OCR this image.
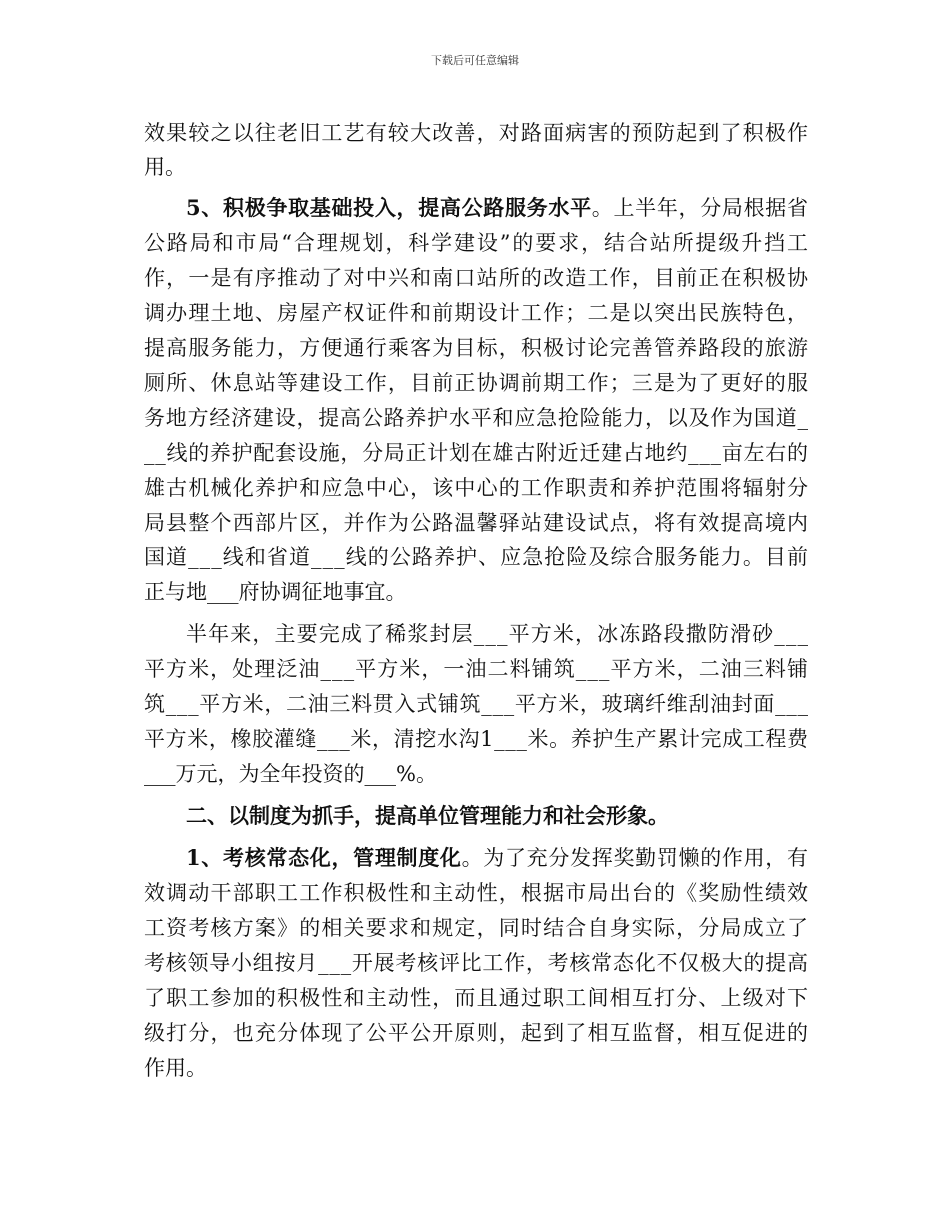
下载后可任意编辑
效果较之以往老旧工艺有较大改善，对路面病害的预防起到了积极作
用。
5、积极争取基础投入，提高公路服务水平 。上半年，分局根据省
公路局和市局“合理规划，科学建设”的要求，结合站所提级升挡工
作，一是有序推动了对中兴和南口站所的改造工作，目前正在积极协
调办理土地、房屋产权证件和前期设计工作；二是以突出民族特色，
提高服务能力，方便通行乘客为目标，积极讨论完善管养路段的旅游
厕所、休息站等建设工作，目前正协调前期工作；三是为了更好的服
务地方经济建设，提高公路养护水平和应急抢险能力，以及作为国道_
__线的养护配套设施，分局正计划在雄古附近迁建占地约___亩左右的
雄古机械化养护和应急中心，该中心的工作职责和养护范围将辐射分
局县整个西部片区，并作为公路温馨驿站建设试点，将有效提高境内
国道___线和省道___线的公路养护、应急抢险及综合服务能力。目前
正与地___府协调征地事宜。
半年来，主要完成了稀浆封层___平方米，冰冻路段撒防滑砂___
平方米，处理泛油___平方米，一油二料铺筑___平方米，二油三料铺
筑___平方米，二油三料贯入式铺筑___平方米，玻璃纤维刮油封面___
平方米，橡胶灌缝___米，清挖水沟1___米。养护生产累计完成工程费
___万元，为全年投资的___%。
二、以制度为抓手，提高单位管理能力和社会形象。
1、考核常态化，管理制度化 。为了充分发挥奖勤罚懒的作用，有
效调动干部职工工作积极性和主动性，根据市局出台的《奖励性绩效
工资考核方案》的相关要求和规定，同时结合自身实际，分局成立了
考核领导小组按月___开展考核评比工作，考核常态化不仅极大的提高
了职工参加的积极性和主动性，而且通过职工间相互打分、上级对下
级打分，也充分体现了公平公开原则，起到了相互监督，相互促进的
作用。
